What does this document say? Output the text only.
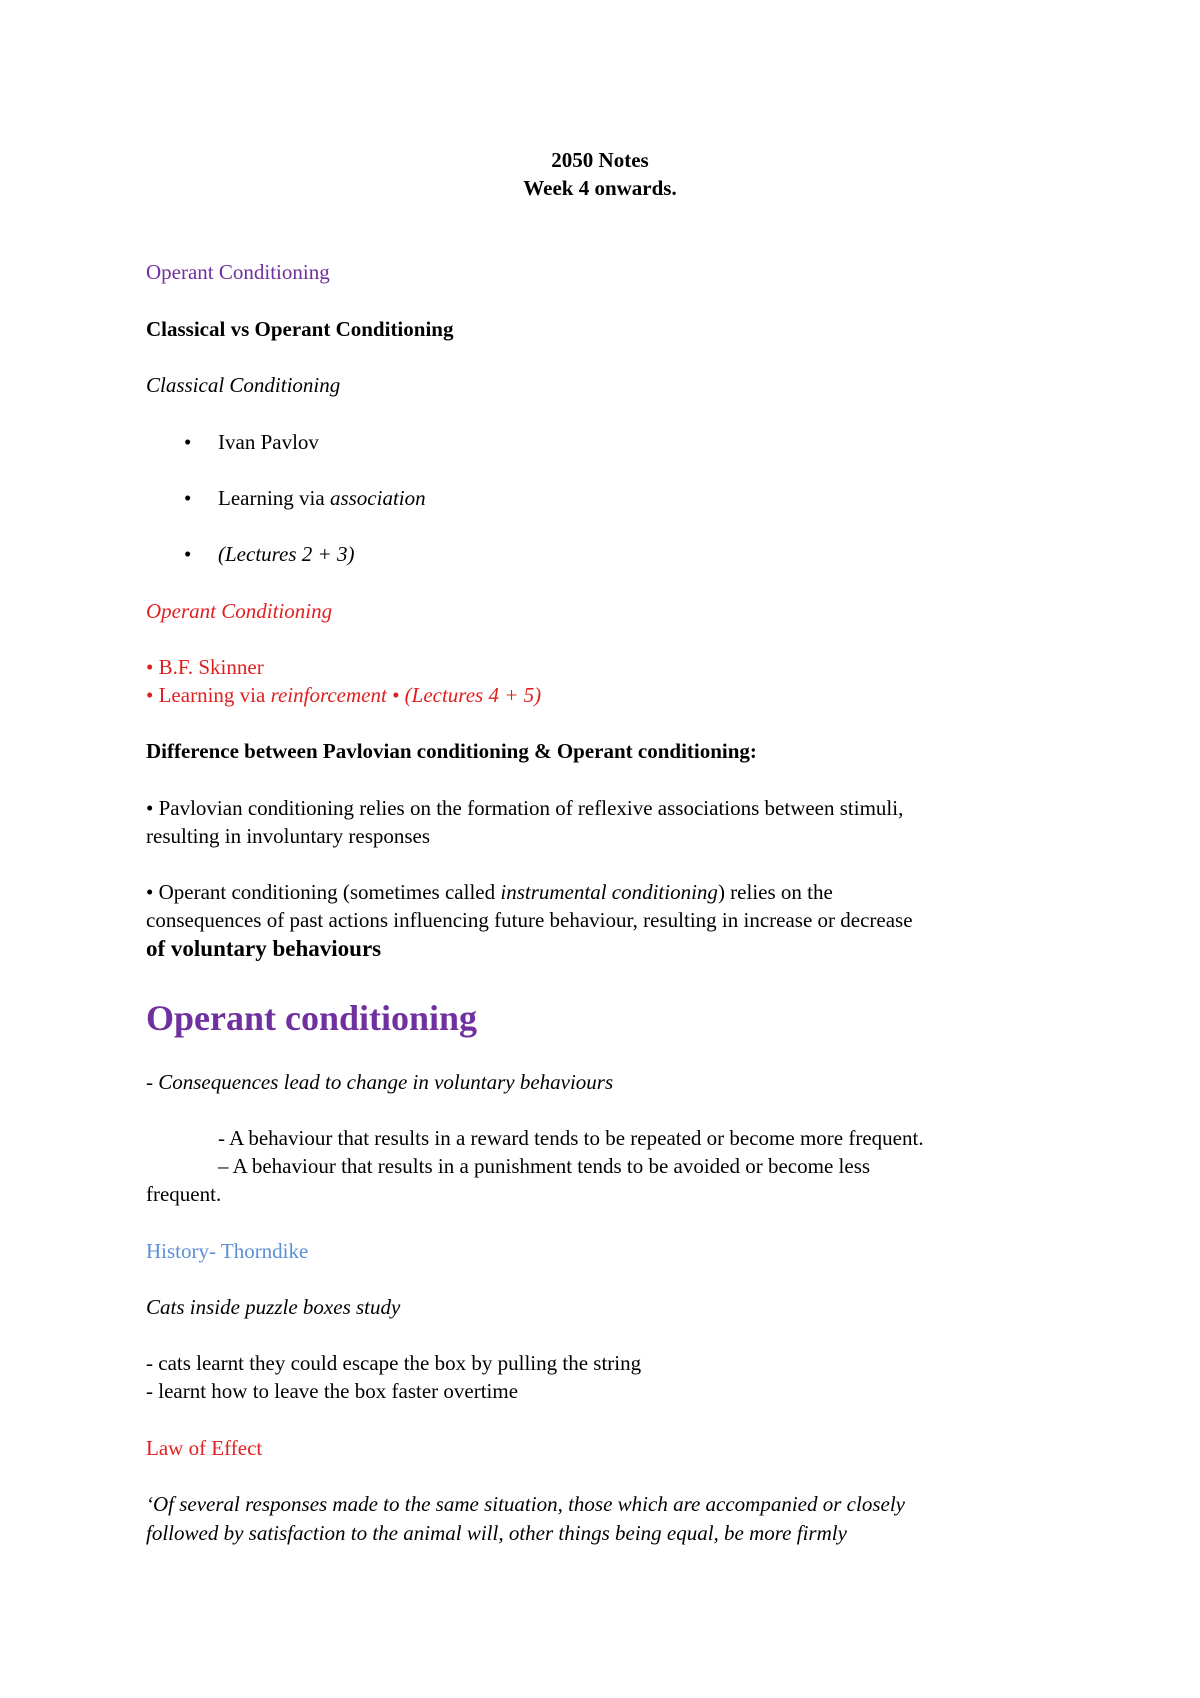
2050 Notes
Week 4 onwards.
Operant Conditioning
Classical vs Operant Conditioning
Classical Conditioning
• Ivan Pavlov
• Learning via association
• (Lectures 2 + 3)
Operant Conditioning
• B.F. Skinner
• Learning via reinforcement • (Lectures 4 + 5)
Difference between Pavlovian conditioning & Operant conditioning:
• Pavlovian conditioning relies on the formation of reflexive associations between stimuli,
resulting in involuntary responses
• Operant conditioning (sometimes called instrumental conditioning) relies on the
consequences of past actions influencing future behaviour, resulting in increase or decrease
of voluntary behaviours
Operant conditioning
- Consequences lead to change in voluntary behaviours
- A behaviour that results in a reward tends to be repeated or become more frequent.
– A behaviour that results in a punishment tends to be avoided or become less
frequent.
History- Thorndike
Cats inside puzzle boxes study
- cats learnt they could escape the box by pulling the string
- learnt how to leave the box faster overtime
Law of Effect
‘Of several responses made to the same situation, those which are accompanied or closely
followed by satisfaction to the animal will, other things being equal, be more firmly
